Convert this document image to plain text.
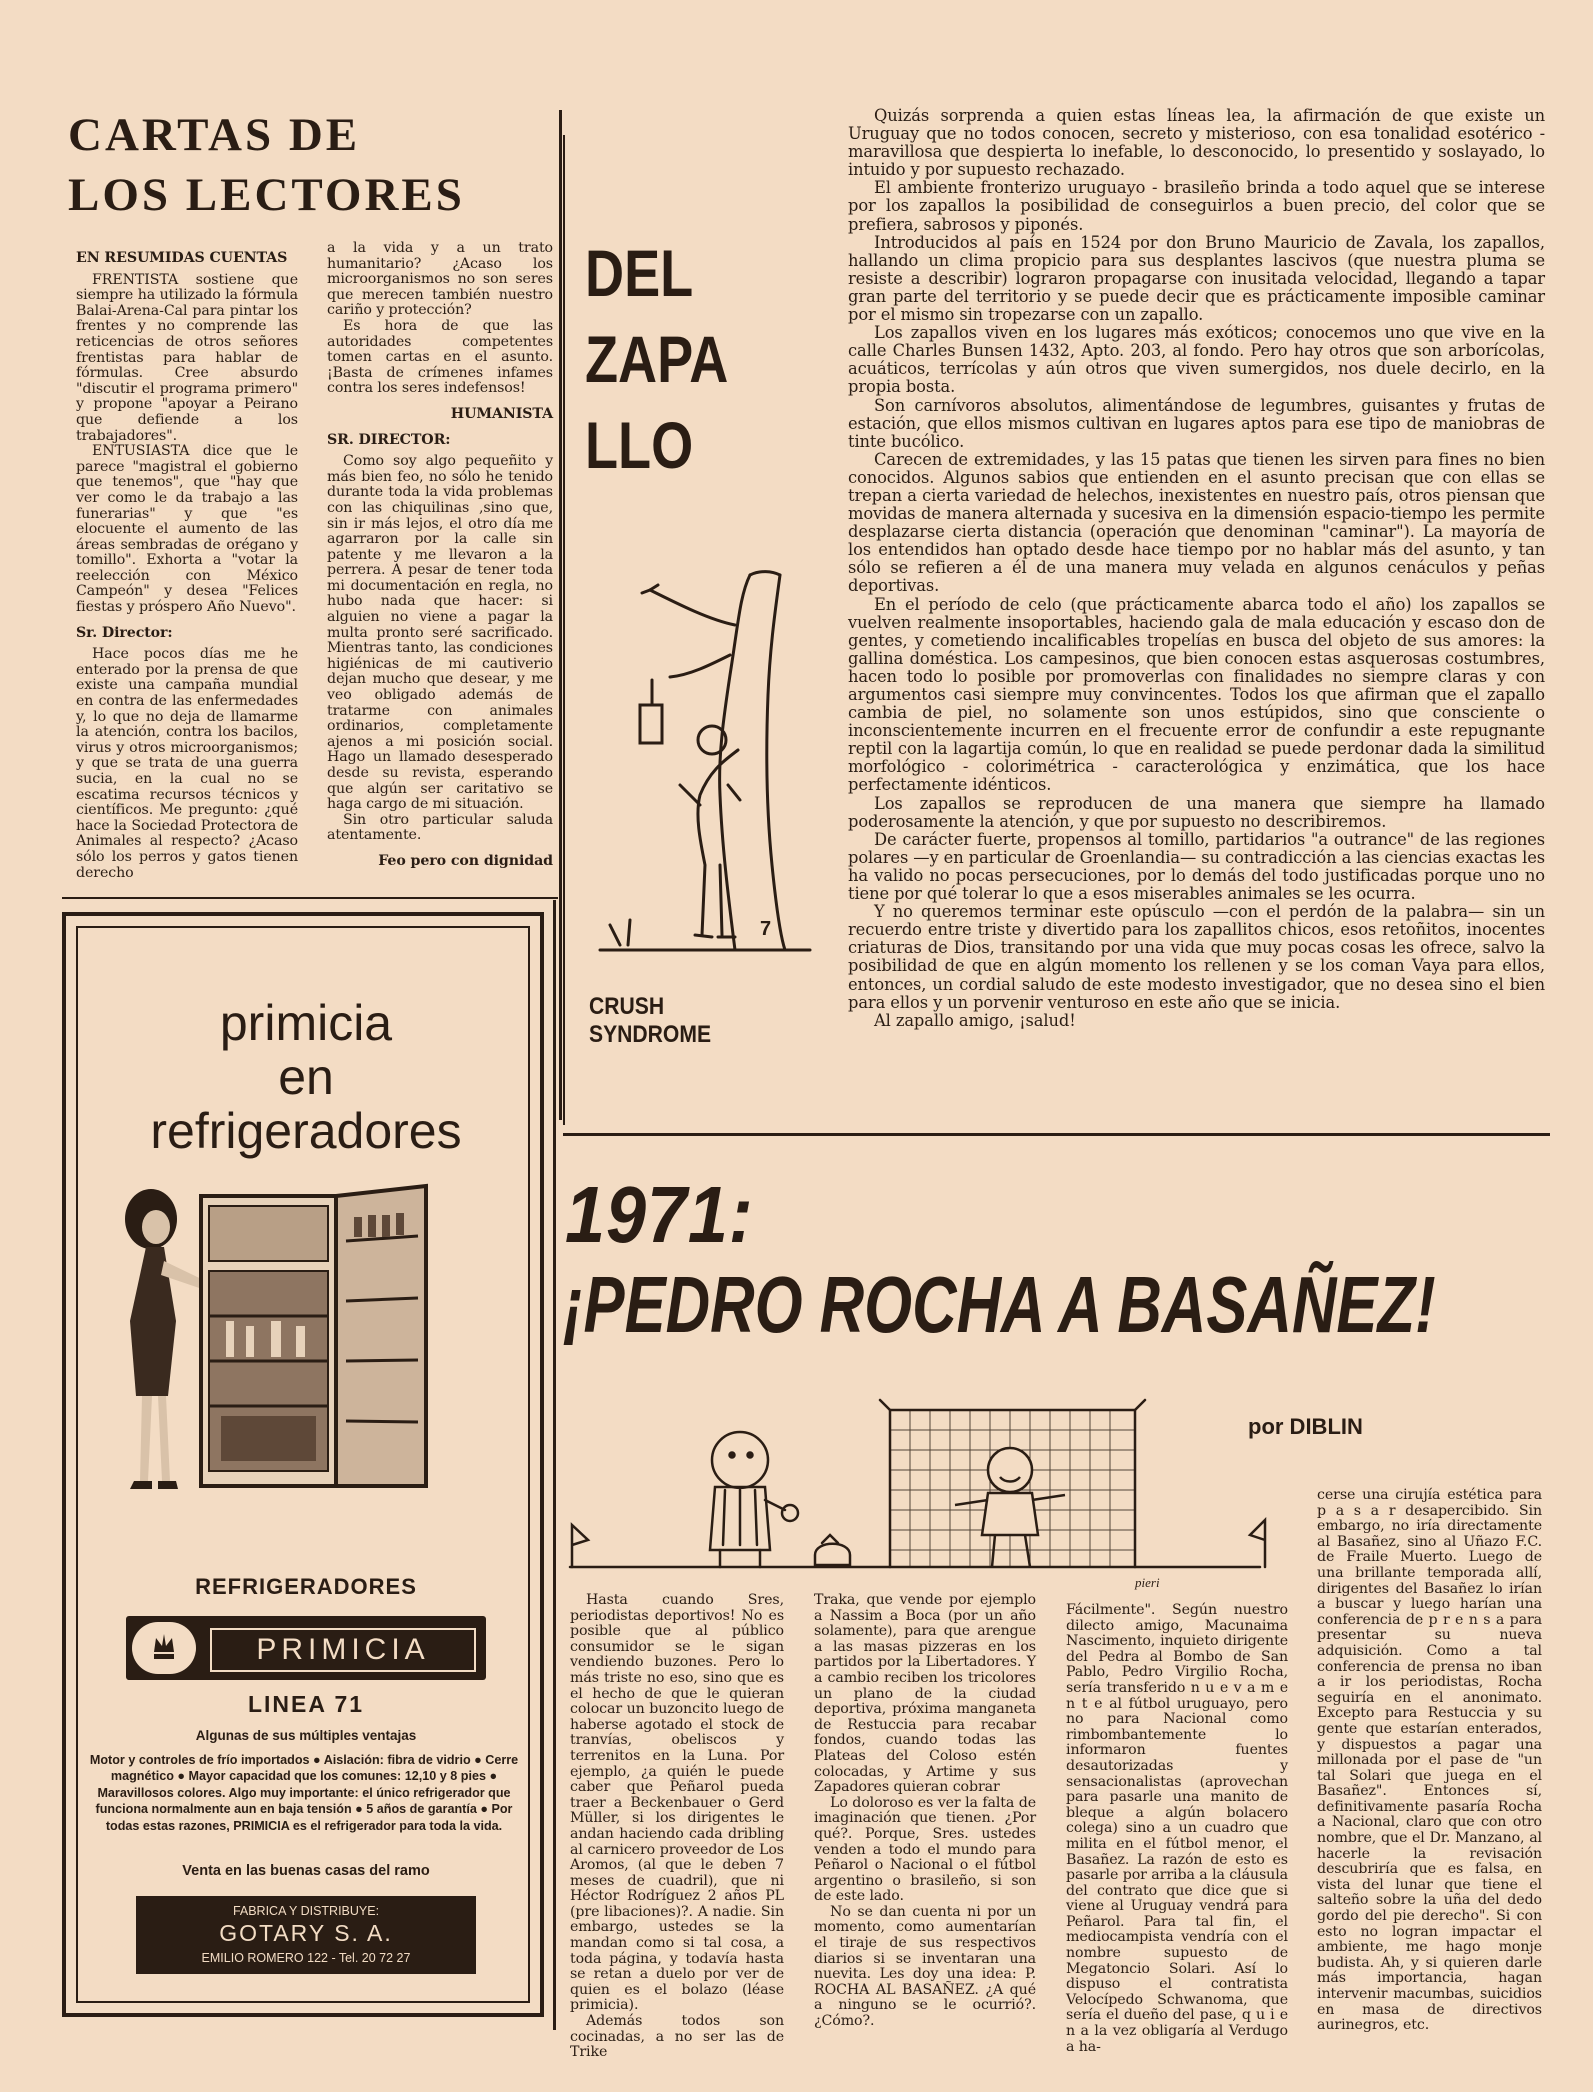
CARTAS DE
LOS LECTORES

EN RESUMIDAS CUENTAS

FRENTISTA sostiene que siempre ha utilizado la fórmula Balai-Arena-Cal para pintar los frentes y no comprende las reticencias de otros señores frentistas para hablar de fórmulas. Cree absurdo "discutir el programa primero" y propone "apoyar a Peirano que defiende a los trabajadores".

ENTUSIASTA dice que le parece "magistral el gobierno que tenemos", que "hay que ver como le da trabajo a las funerarias" y que "es elocuente el aumento de las áreas sembradas de orégano y tomillo". Exhorta a "votar la reelección con México Campeón" y desea "Felices fiestas y próspero Año Nuevo".

Sr. Director:

Hace pocos días me he enterado por la prensa de que existe una campaña mundial en contra de las enfermedades y, lo que no deja de llamarme la atención, contra los bacilos, virus y otros microorganismos; y que se trata de una guerra sucia, en la cual no se escatima recursos técnicos y científicos. Me pregunto: ¿qué hace la Sociedad Protectora de Animales al respecto? ¿Acaso sólo los perros y gatos tienen derecho

a la vida y a un trato humanitario? ¿Acaso los microorganismos no son seres que merecen también nuestro cariño y protección?

Es hora de que las autoridades competentes tomen cartas en el asunto. ¡Basta de crímenes infames contra los seres indefensos!

HUMANISTA

SR. DIRECTOR:

Como soy algo pequeñito y más bien feo, no sólo he tenido durante toda la vida problemas con las chiquilinas ,sino que, sin ir más lejos, el otro día me agarraron por la calle sin patente y me llevaron a la perrera. A pesar de tener toda mi documentación en regla, no hubo nada que hacer: si alguien no viene a pagar la multa pronto seré sacrificado. Mientras tanto, las condiciones higiénicas de mi cautiverio dejan mucho que desear, y me veo obligado además de tratarme con animales ordinarios, completamente ajenos a mi posición social. Hago un llamado desesperado desde su revista, esperando que algún ser caritativo se haga cargo de mi situación.

Sin otro particular saluda atentamente.

Feo pero con dignidad

primicia
en
refrigeradores
REFRIGERADORES
PRIMICIA
LINEA 71
Algunas de sus múltiples ventajas
Motor y controles de frío importados ● Aislación: fibra de vidrio ● Cerre magnético ● Mayor capacidad que los comunes: 12,10 y 8 pies ● Maravillosos colores. Algo muy importante: el único refrigerador que funciona normalmente aun en baja tensión ● 5 años de garantía ● Por todas estas razones, PRIMICIA es el refrigerador para toda la vida.
Venta en las buenas casas del ramo
FABRICA Y DISTRIBUYE:
GOTARY S. A.
EMILIO ROMERO 122 - Tel. 20 72 27
DEL
ZAPA
LLO
7
CRUSH SYNDROME

Quizás sorprenda a quien estas líneas lea, la afirmación de que existe un Uruguay que no todos conocen, secreto y misterioso, con esa tonalidad esotérico - maravillosa que despierta lo inefable, lo desconocido, lo presentido y soslayado, lo intuido y por supuesto rechazado.

El ambiente fronterizo uruguayo - brasileño brinda a todo aquel que se interese por los zapallos la posibilidad de conseguirlos a buen precio, del color que se prefiera, sabrosos y piponés.

Introducidos al país en 1524 por don Bruno Mauricio de Zavala, los zapallos, hallando un clima propicio para sus desplantes lascivos (que nuestra pluma se resiste a describir) lograron propagarse con inusitada velocidad, llegando a tapar gran parte del territorio y se puede decir que es prácticamente imposible caminar por el mismo sin tropezarse con un zapallo.

Los zapallos viven en los lugares más exóticos; conocemos uno que vive en la calle Charles Bunsen 1432, Apto. 203, al fondo. Pero hay otros que son arborícolas, acuáticos, terrícolas y aún otros que viven sumergidos, nos duele decirlo, en la propia bosta.

Son carnívoros absolutos, alimentándose de legumbres, guisantes y frutas de estación, que ellos mismos cultivan en lugares aptos para ese tipo de maniobras de tinte bucólico.

Carecen de extremidades, y las 15 patas que tienen les sirven para fines no bien conocidos. Algunos sabios que entienden en el asunto precisan que con ellas se trepan a cierta variedad de helechos, inexistentes en nuestro país, otros piensan que movidas de manera alternada y sucesiva en la dimensión espacio-tiempo les permite desplazarse cierta distancia (operación que denominan "caminar"). La mayoría de los entendidos han optado desde hace tiempo por no hablar más del asunto, y tan sólo se refieren a él de una manera muy velada en algunos cenáculos y peñas deportivas.

En el período de celo (que prácticamente abarca todo el año) los zapallos se vuelven realmente insoportables, haciendo gala de mala educación y escaso don de gentes, y cometiendo incalificables tropelías en busca del objeto de sus amores: la gallina doméstica. Los campesinos, que bien conocen estas asquerosas costumbres, hacen todo lo posible por promoverlas con finalidades no siempre claras y con argumentos casi siempre muy convincentes. Todos los que afirman que el zapallo cambia de piel, no solamente son unos estúpidos, sino que consciente o inconscientemente incurren en el frecuente error de confundir a este repugnante reptil con la lagartija común, lo que en realidad se puede perdonar dada la similitud morfológico - colorimétrica - caracterológica y enzimática, que los hace perfectamente idénticos.

Los zapallos se reproducen de una manera que siempre ha llamado poderosamente la atención, y que por supuesto no describiremos.

De carácter fuerte, propensos al tomillo, partidarios "a outrance" de las regiones polares —y en particular de Groenlandia— su contradicción a las ciencias exactas les ha valido no pocas persecuciones, por lo demás del todo justificadas porque uno no tiene por qué tolerar lo que a esos miserables animales se les ocurra.

Y no queremos terminar este opúsculo —con el perdón de la palabra— sin un recuerdo entre triste y divertido para los zapallitos chicos, esos retoñitos, inocentes criaturas de Dios, transitando por una vida que muy pocas cosas les ofrece, salvo la posibilidad de que en algún momento los rellenen y se los coman Vaya para ellos, entonces, un cordial saludo de este modesto investigador, que no desea sino el bien para ellos y un porvenir venturoso en este año que se inicia.

Al zapallo amigo, ¡salud!

1971:
¡PEDRO ROCHA A BASAÑEZ!
por DIBLIN
pieri

Hasta cuando Sres, periodistas deportivos! No es posible que al público consumidor se le sigan vendiendo buzones. Pero lo más triste no eso, sino que es el hecho de que le quieran colocar un buzoncito luego de haberse agotado el stock de tranvías, obeliscos y terrenitos en la Luna. Por ejemplo, ¿a quién le puede caber que Peñarol pueda traer a Beckenbauer o Gerd Müller, si los dirigentes le andan haciendo cada dribling al carnicero proveedor de Los Aromos, (al que le deben 7 meses de cuadril), que ni Héctor Rodríguez 2 años PL (pre libaciones)?. A nadie. Sin embargo, ustedes se la mandan como si tal cosa, a toda página, y todavía hasta se retan a duelo por ver de quien es el bolazo (léase primicia).

Además todos son cocinadas, a no ser las de Trike

Traka, que vende por ejemplo a Nassim a Boca (por un año solamente), para que arengue a las masas pizzeras en los partidos por la Libertadores. Y a cambio reciben los tricolores un plano de la ciudad deportiva, próxima manganeta de Restuccia para recabar fondos, cuando todas las Plateas del Coloso estén colocadas, y Artime y sus Zapadores quieran cobrar

Lo doloroso es ver la falta de imaginación que tienen. ¿Por qué?. Porque, Sres. ustedes venden a todo el mundo para Peñarol o Nacional o el fútbol argentino o brasileño, si son de este lado.

No se dan cuenta ni por un momento, como aumentarían el tiraje de sus respectivos diarios si se inventaran una nuevita. Les doy una idea: P. ROCHA AL BASAÑEZ. ¿A qué a ninguno se le ocurrió?. ¿Cómo?.

Fácilmente". Según nuestro dilecto amigo, Macunaima Nascimento, inquieto dirigente del Pedra al Bombo de San Pablo, Pedro Virgilio Rocha, sería transferido n u e v a m e n t e al fútbol uruguayo, pero no para Nacional como rimbombantemente lo informaron fuentes desautorizadas y sensacionalistas (aprovechan para pasarle una manito de bleque a algún bolacero colega) sino a un cuadro que milita en el fútbol menor, el Basañez. La razón de esto es pasarle por arriba a la cláusula del contrato que dice que si viene al Uruguay vendrá para Peñarol. Para tal fin, el mediocampista vendría con el nombre supuesto de Megatoncio Solari. Así lo dispuso el contratista Velocípedo Schwanoma, que sería el dueño del pase, q u i e n a la vez obligaría al Verdugo a ha-

cerse una cirujía estética para p a s a r desapercibido. Sin embargo, no iría directamente al Basañez, sino al Uñazo F.C. de Fraile Muerto. Luego de una brillante temporada allí, dirigentes del Basañez lo irían a buscar y luego harían una conferencia de p r e n s a para presentar su nueva adquisición. Como a tal conferencia de prensa no iban a ir los periodistas, Rocha seguiría en el anonimato. Excepto para Restuccia y su gente que estarían enterados, y dispuestos a pagar una millonada por el pase de "un tal Solari que juega en el Basañez". Entonces sí, definitivamente pasaría Rocha a Nacional, claro que con otro nombre, que el Dr. Manzano, al hacerle la revisación descubriría que es falsa, en vista del lunar que tiene el salteño sobre la uña del dedo gordo del pie derecho". Si con esto no logran impactar el ambiente, me hago monje budista. Ah, y si quieren darle más importancia, hagan intervenir macumbas, suicidios en masa de directivos aurinegros, etc.
